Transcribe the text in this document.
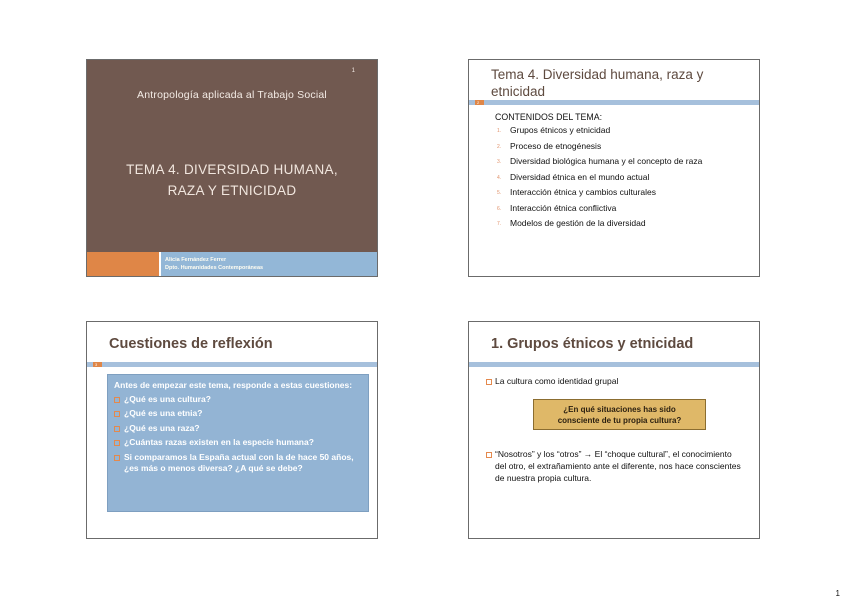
1
Antropología aplicada al Trabajo Social
TEMA 4. DIVERSIDAD HUMANA,
RAZA Y ETNICIDAD
Alicia Fernández Ferrer
Dpto. Humanidades Contemporáneas
Tema 4. Diversidad humana, raza y etnicidad
2
CONTENIDOS DEL TEMA:
1. Grupos étnicos y etnicidad
2. Proceso de etnogénesis
3. Diversidad biológica humana y el concepto de raza
4. Diversidad étnica en el mundo actual
5. Interacción étnica y cambios culturales
6. Interacción étnica conflictiva
7. Modelos de gestión de la diversidad
Cuestiones de reflexión
3
Antes de empezar este tema, responde a estas cuestiones:
¿Qué es una cultura?
¿Qué es una etnia?
¿Qué es una raza?
¿Cuántas razas existen en la especie humana?
Si comparamos la España actual con la de hace 50 años, ¿es más o menos diversa? ¿A qué se debe?
1. Grupos étnicos y etnicidad
La cultura como identidad grupal
¿En qué situaciones has sido
consciente de tu propia cultura?
“Nosotros” y los “otros” → El “choque cultural”, el conocimiento del otro, el extrañamiento ante el diferente, nos hace conscientes de nuestra propia cultura.
1
